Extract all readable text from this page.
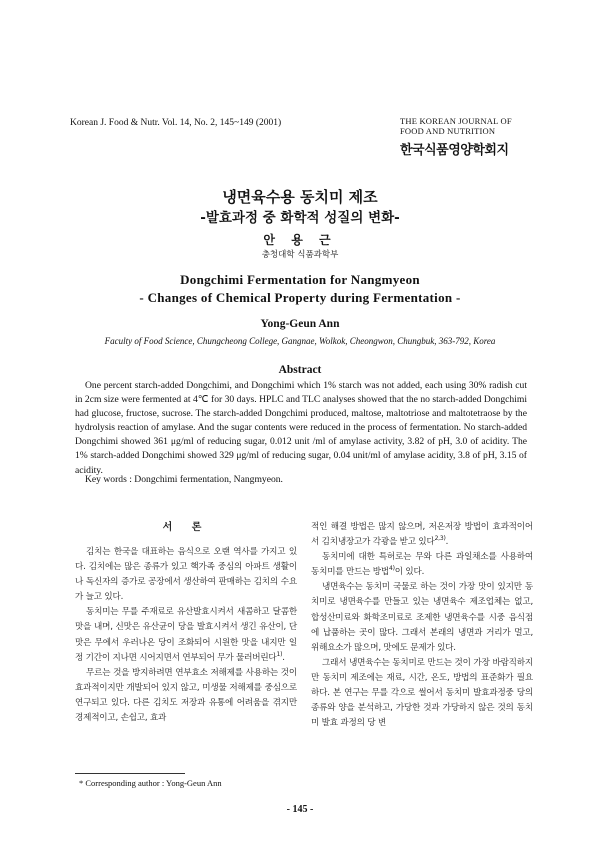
Korean J. Food & Nutr. Vol. 14, No. 2, 145~149 (2001)	THE KOREAN JOURNAL OF
FOOD AND NUTRITION
한국식품영양학회지
냉면육수용 동치미 제조
-발효과정 중 화학적 성질의 변화-
안 용 근
충청대학 식품과학부
Dongchimi Fermentation for Nangmyeon
- Changes of Chemical Property during Fermentation -
Yong-Geun Ann
Faculty of Food Science, Chungcheong College, Gangnae, Wolkok, Cheongwon, Chungbuk, 363-792, Korea
Abstract

One percent starch-added Dongchimi, and Dongchimi which 1% starch was not added, each using 30% radish cut in 2cm size were fermented at 4℃ for 30 days. HPLC and TLC analyses showed that the no starch-added Dongchimi had glucose, fructose, sucrose. The starch-added Dongchimi produced, maltose, maltotriose and maltotetraose by the hydrolysis reaction of amylase. And the sugar contents were reduced in the process of fermentation. No starch-added Dongchimi showed 361 μg/ml of reducing sugar, 0.012 unit /ml of amylase activity, 3.82 of pH, 3.0 of acidity. The 1% starch-added Dongchimi showed 329 μg/ml of reducing sugar, 0.04 unit/ml of amylase acidity, 3.8 of pH, 3.15 of acidity.

Key words : Dongchimi fermentation, Nangmyeon.
서 론

김치는 한국을 대표하는 음식으로 오랜 역사를 가지고 있다. 김치에는 많은 종류가 있고 핵가족 중심의 아파트 생활이나 독신자의 증가로 공장에서 생산하여 판매하는 김치의 수요가 늘고 있다.

동치미는 무를 주재료로 유산발효시켜서 새콤하고 달콤한 맛을 내며, 신맛은 유산균이 당을 발효시켜서 생긴 유산이, 단맛은 무에서 우러나온 당이 조화되어 시원한 맛을 내지만 일정 기간이 지나면 시어지면서 연부되어 무가 물러버린다$^{1)}$.

무르는 것을 방지하려면 연부효소 저해제를 사용하는 것이 효과적이지만 개발되어 있지 않고, 미생물 저해제를 중심으로 연구되고 있다. 다른 김치도 저장과 유통에 어려움을 겪지만 경제적이고, 손쉽고, 효과

적인 해결 방법은 많지 않으며, 저온저장 방법이 효과적이어서 김치냉장고가 각광을 받고 있다$^{2,3)}$.

동치미에 대한 특허로는 무와 다른 과일채소를 사용하여 동치미를 만드는 방법$^{4)}$이 있다.

냉면육수는 동치미 국물로 하는 것이 가장 맛이 있지만 동치미로 냉면육수를 만들고 있는 냉면육수 제조업체는 없고, 합성산미료와 화학조미료로 조제한 냉면육수를 시중 음식점에 납품하는 곳이 많다. 그래서 본래의 냉면과 거리가 멀고, 위해요소가 많으며, 맛에도 문제가 있다.

그래서 냉면육수는 동치미로 만드는 것이 가장 바람직하지만 동치미 제조에는 재료, 시간, 온도, 방법의 표준화가 필요하다. 본 연구는 무를 각으로 썰어서 동치미 발효과정중 당의 종류와 양을 분석하고, 가당한 것과 가당하지 않은 것의 동치미 발효 과정의 당 변

* Corresponding author : Yong-Geun Ann
- 145 -
